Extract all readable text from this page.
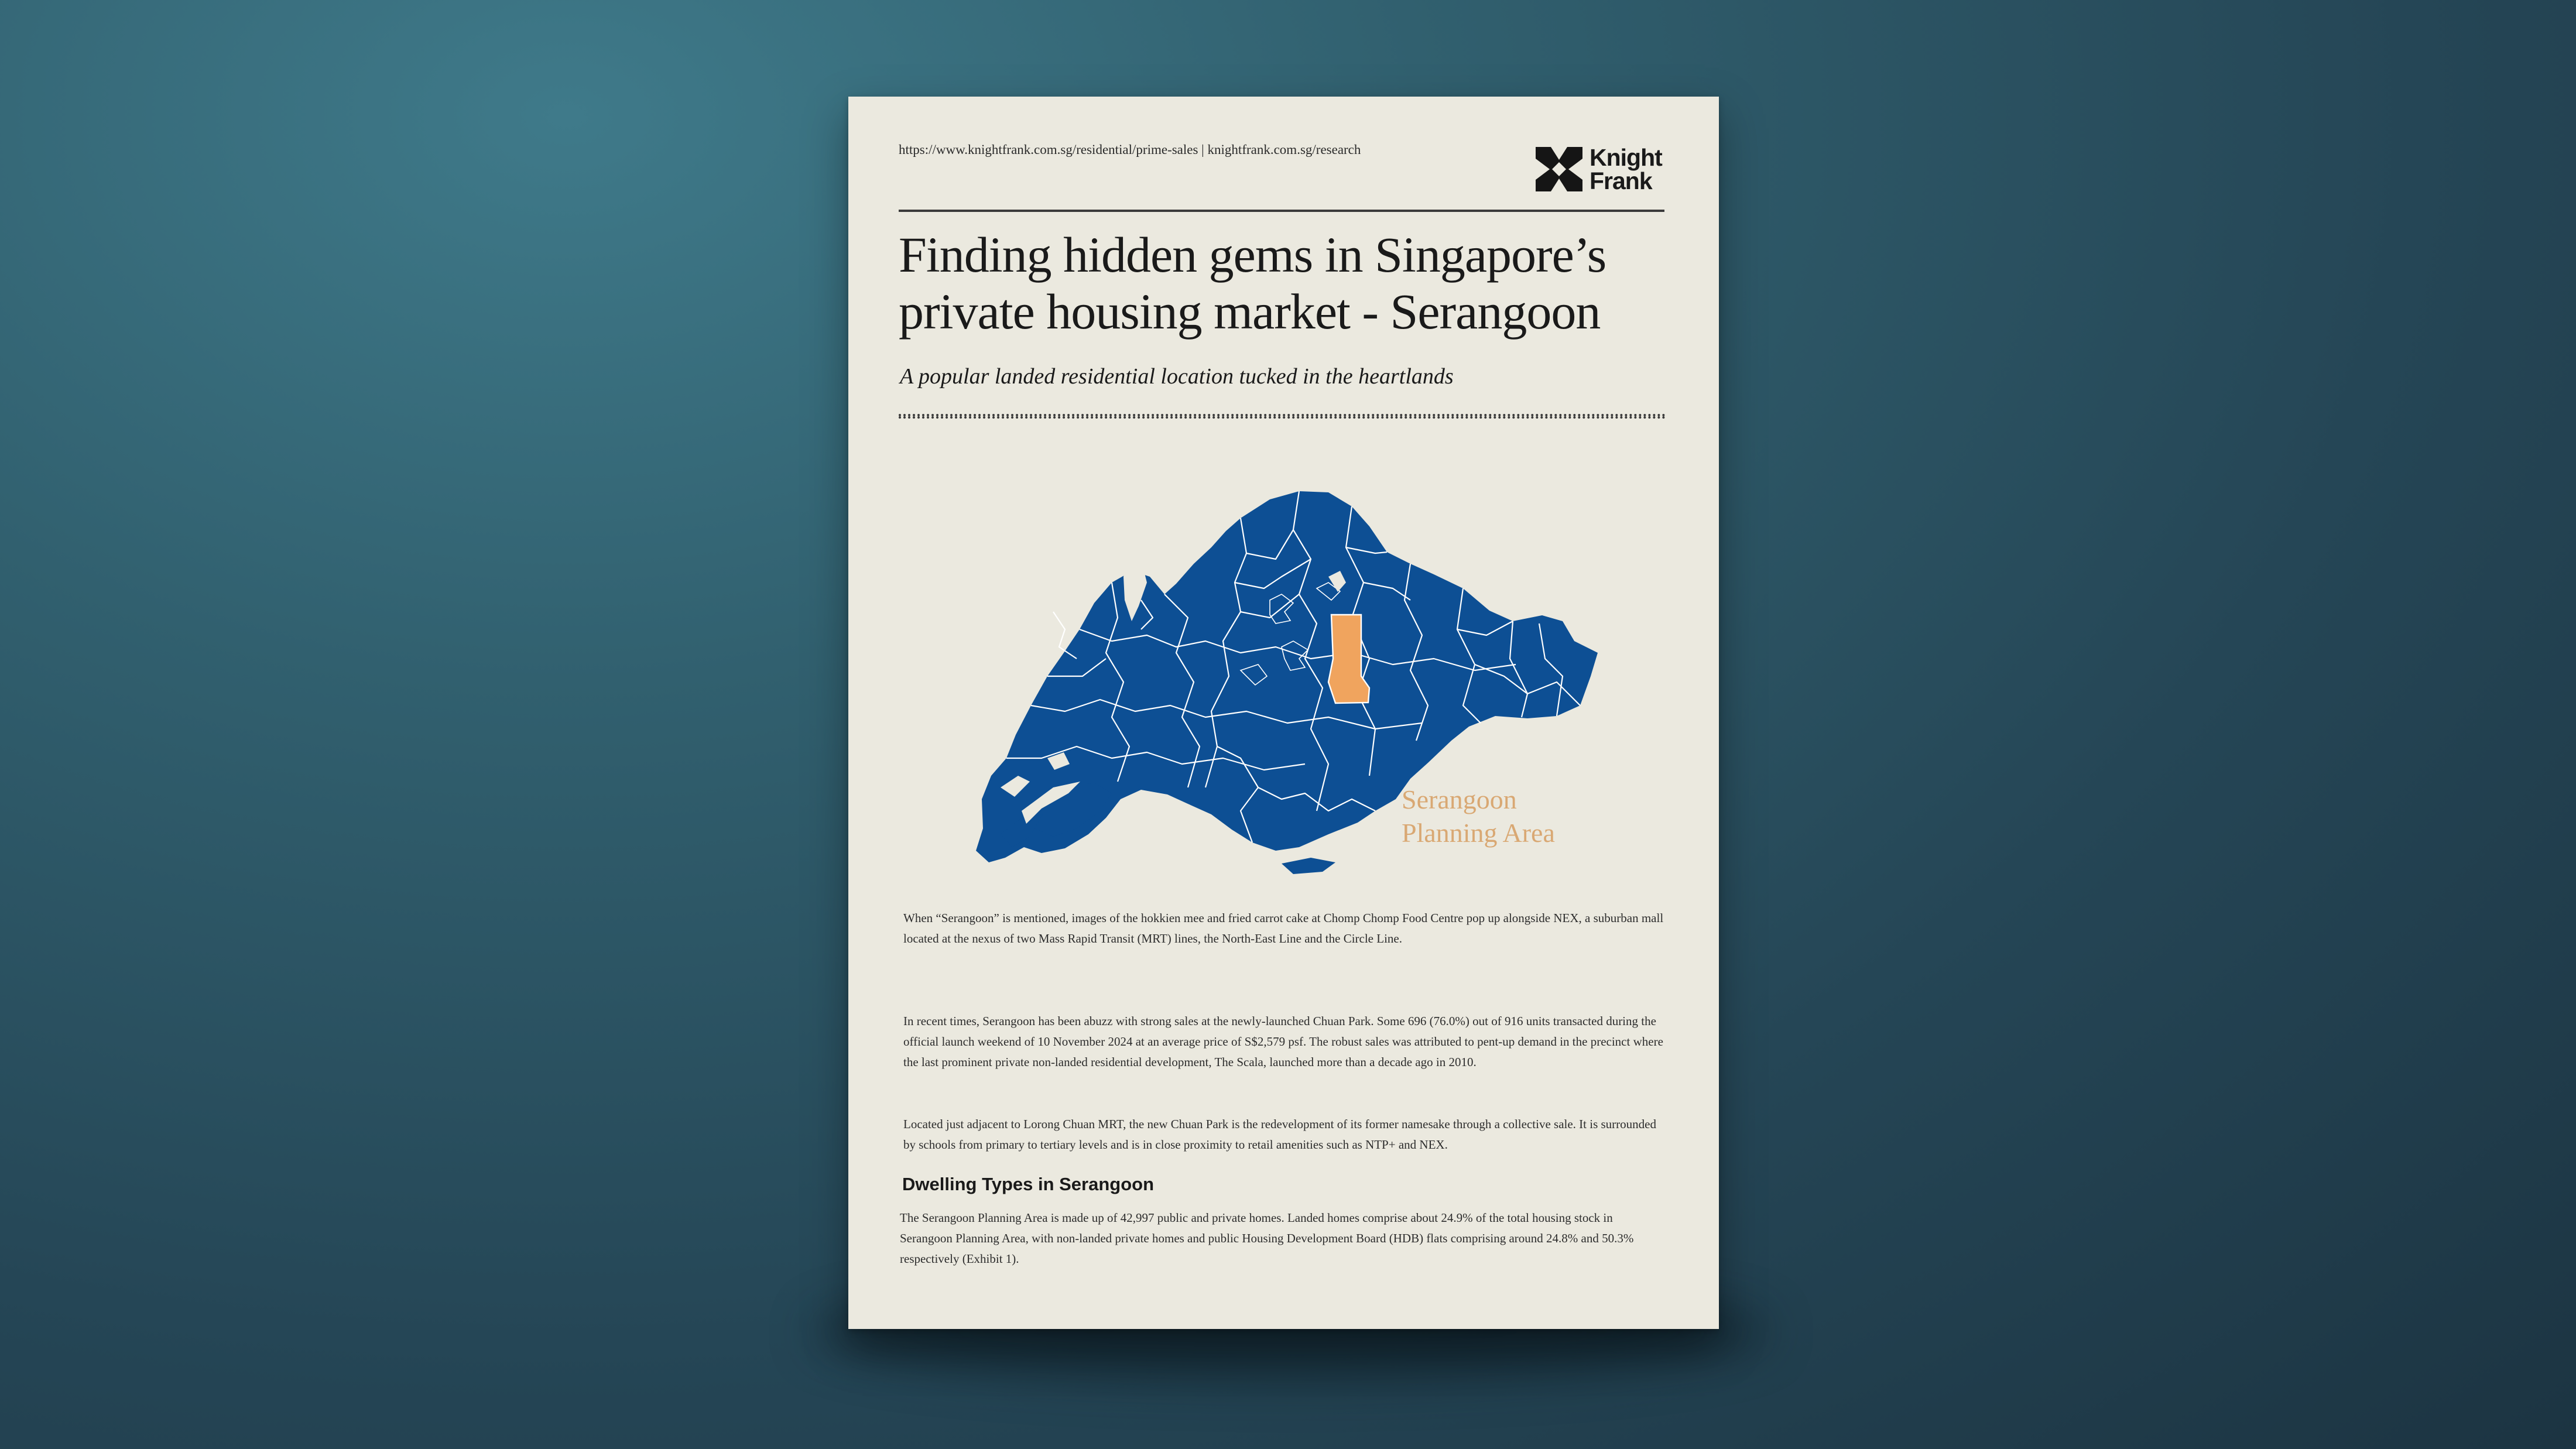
https://www.knightfrank.com.sg/residential/prime-sales | knightfrank.com.sg/research	Knight
Frank
Finding hidden gems in Singapore’s private housing market - Serangoon
A popular landed residential location tucked in the heartlands
Serangoon
Planning Area

When “Serangoon” is mentioned, images of the hokkien mee and fried carrot cake at Chomp Chomp Food Centre pop up alongside NEX, a suburban mall located at the nexus of two Mass Rapid Transit (MRT) lines, the North-East Line and the Circle Line.

In recent times, Serangoon has been abuzz with strong sales at the newly-launched Chuan Park. Some 696 (76.0%) out of 916 units transacted during the official launch weekend of 10 November 2024 at an average price of S$2,579 psf. The robust sales was attributed to pent-up demand in the precinct where the last prominent private non-landed residential development, The Scala, launched more than a decade ago in 2010.

Located just adjacent to Lorong Chuan MRT, the new Chuan Park is the redevelopment of its former namesake through a collective sale. It is surrounded by schools from primary to tertiary levels and is in close proximity to retail amenities such as NTP+ and NEX.

Dwelling Types in Serangoon

The Serangoon Planning Area is made up of 42,997 public and private homes. Landed homes comprise about 24.9% of the total housing stock in Serangoon Planning Area, with non-landed private homes and public Housing Development Board (HDB) flats comprising around 24.8% and 50.3% respectively (Exhibit 1).
